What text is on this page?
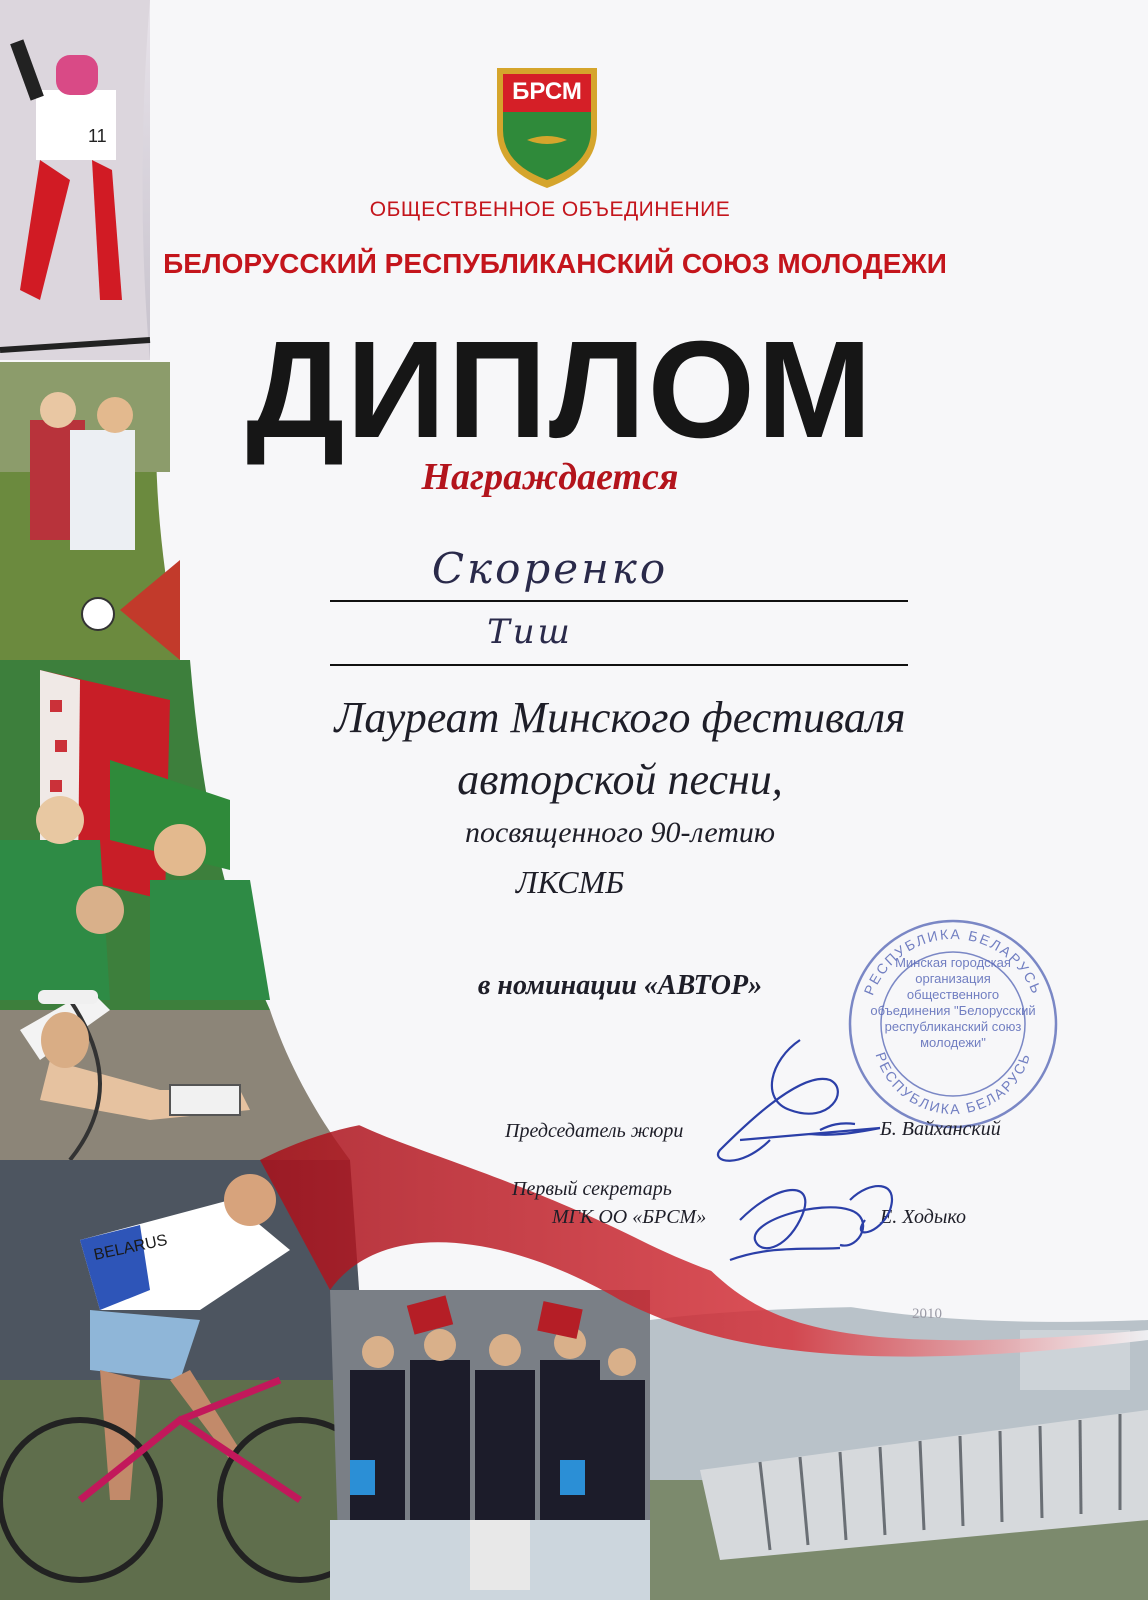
11
BELARUS
БРСМ
ОБЩЕСТВЕННОЕ ОБЪЕДИНЕНИЕ
БЕЛОРУССКИЙ РЕСПУБЛИКАНСКИЙ СОЮЗ МОЛОДЕЖИ
ДИПЛОМ
Награждается
Скоренко
Тиш
Лауреат Минского фестиваля
авторской песни,
посвященного 90-летию
ЛКСМБ
в номинации «АВТОР»	РЕСПУБЛИКА БЕЛАРУСЬ
РЕСПУБЛИКА БЕЛАРУСЬ
Минская городская организация общественного объединения "Белорусский республиканский союз молодежи"
Председатель жюри	Б. Вайханский
Первый секретарь
МГК ОО «БРСМ»	Е. Ходыко
2010
